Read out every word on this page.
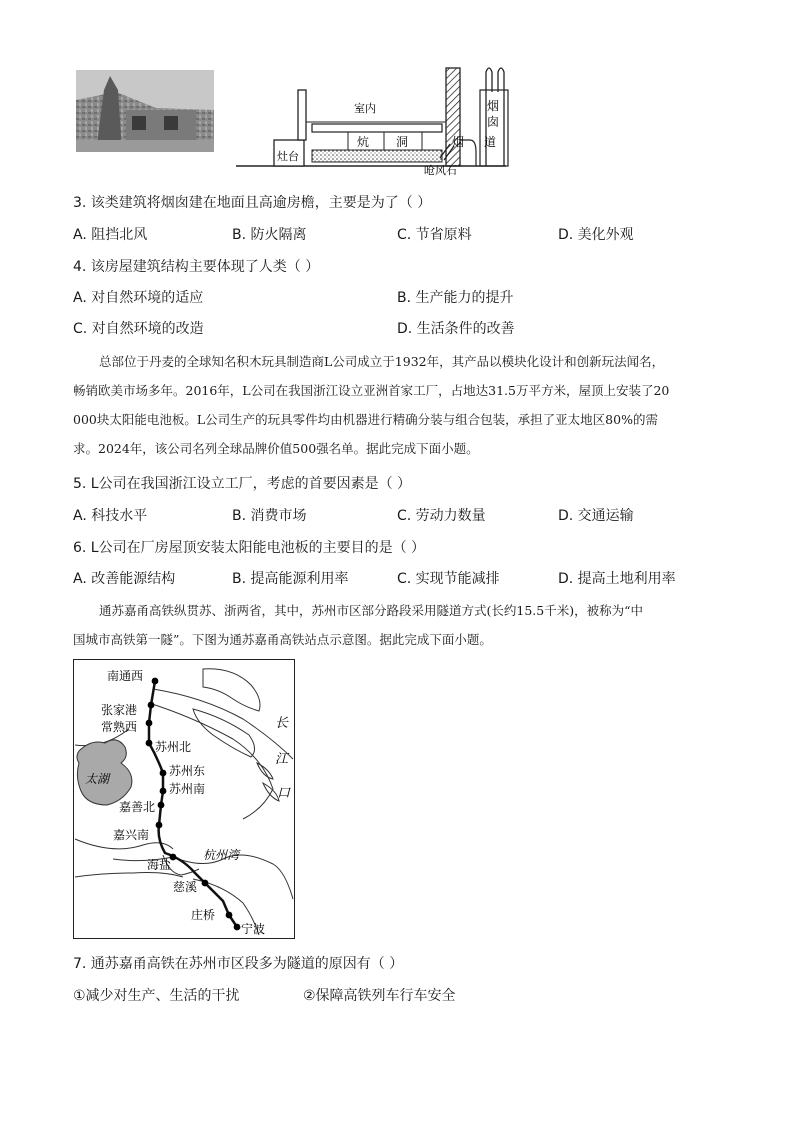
室内
灶台
炕 洞	烟 道
烟
囱
呛风石
3. 该类建筑将烟囱建在地面且高逾房檐，主要是为了（ ）
A. 阻挡北风	B. 防火隔离	C. 节省原料	D. 美化外观
4. 该房屋建筑结构主要体现了人类（ ）
A. 对自然环境的适应	B. 生产能力的提升
C. 对自然环境的改造	D. 生活条件的改善

总部位于丹麦的全球知名积木玩具制造商L公司成立于1932年，其产品以模块化设计和创新玩法闻名，

畅销欧美市场多年。2016年，L公司在我国浙江设立亚洲首家工厂，占地达31.5万平方米，屋顶上安装了20
000块太阳能电池板。L公司生产的玩具零件均由机器进行精确分装与组合包装，承担了亚太地区80%的需
求。2024年，该公司名列全球品牌价值500强名单。据此完成下面小题。
5. L公司在我国浙江设立工厂，考虑的首要因素是（ ）
A. 科技水平	B. 消费市场	C. 劳动力数量	D. 交通运输
6. L公司在厂房屋顶安装太阳能电池板的主要目的是（ ）
A. 改善能源结构	B. 提高能源利用率	C. 实现节能减排	D. 提高土地利用率

通苏嘉甬高铁纵贯苏、浙两省，其中，苏州市区部分路段采用隧道方式(长约15.5千米)，被称为“中

国城市高铁第一隧”。下图为通苏嘉甬高铁站点示意图。据此完成下面小题。
南通西
张家港
常熟西
苏州北
苏州东
苏州南
嘉善北
嘉兴南
海盐
慈溪
庄桥
宁波
太湖
杭州湾
长
江
口
7. 通苏嘉甬高铁在苏州市区段多为隧道的原因有（ ）
①减少对生产、生活的干扰	②保障高铁列车行车安全
